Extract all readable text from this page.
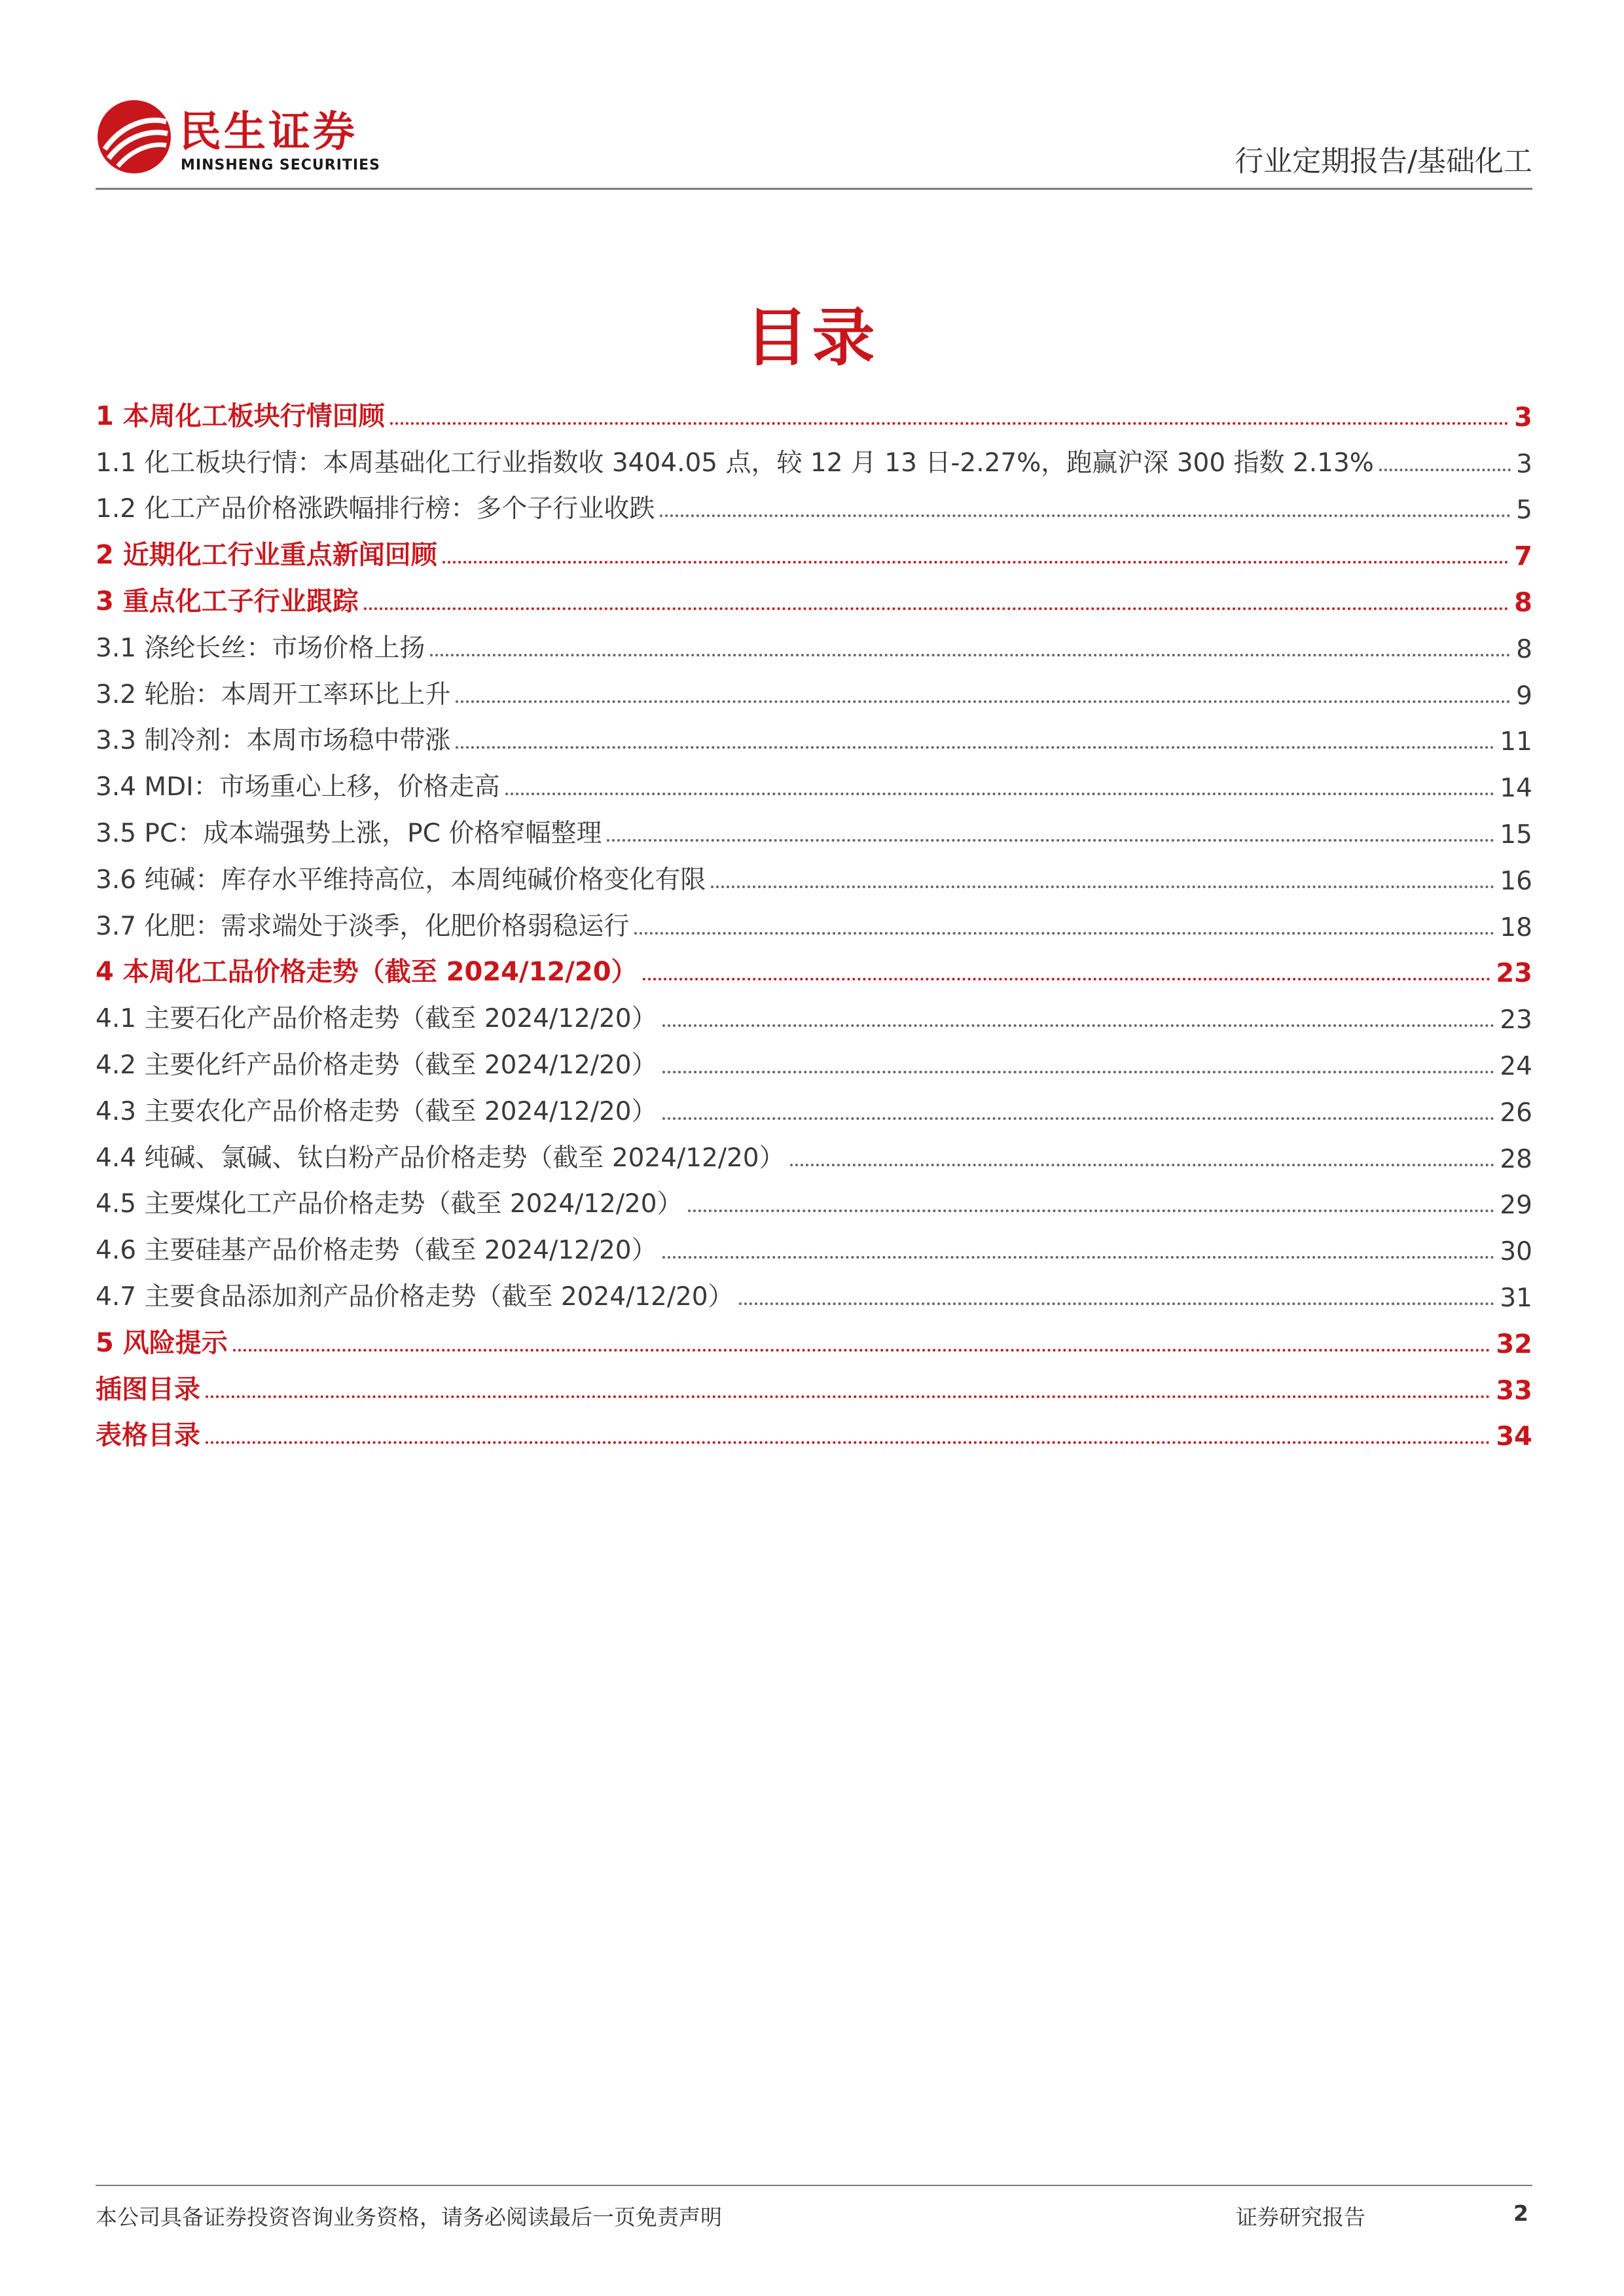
民生证券
MINSHENG SECURITIES	行业定期报告/基础化工
目录
1 本周化工板块行情回顾	3
1.1 化工板块行情：本周基础化工行业指数收 3404.05 点，较 12 月 13 日-2.27%，跑赢沪深 300 指数 2.13%	3
1.2 化工产品价格涨跌幅排行榜：多个子行业收跌	5
2 近期化工行业重点新闻回顾	7
3 重点化工子行业跟踪	8
3.1 涤纶长丝：市场价格上扬	8
3.2 轮胎：本周开工率环比上升	9
3.3 制冷剂：本周市场稳中带涨	11
3.4 MDI：市场重心上移，价格走高	14
3.5 PC：成本端强势上涨，PC 价格窄幅整理	15
3.6 纯碱：库存水平维持高位，本周纯碱价格变化有限	16
3.7 化肥：需求端处于淡季，化肥价格弱稳运行	18
4 本周化工品价格走势（截至 2024/12/20）	23
4.1 主要石化产品价格走势（截至 2024/12/20）	23
4.2 主要化纤产品价格走势（截至 2024/12/20）	24
4.3 主要农化产品价格走势（截至 2024/12/20）	26
4.4 纯碱、氯碱、钛白粉产品价格走势（截至 2024/12/20）	28
4.5 主要煤化工产品价格走势（截至 2024/12/20）	29
4.6 主要硅基产品价格走势（截至 2024/12/20）	30
4.7 主要食品添加剂产品价格走势（截至 2024/12/20）	31
5 风险提示	32
插图目录	33
表格目录	34
本公司具备证券投资咨询业务资格，请务必阅读最后一页免责声明	证券研究报告	2
